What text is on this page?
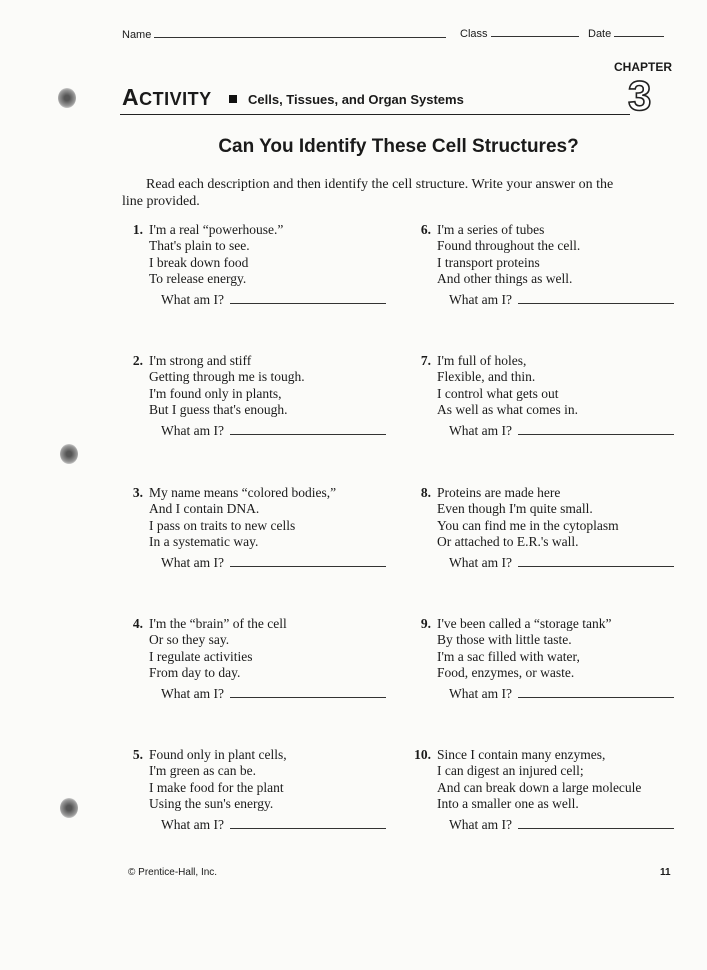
Name	Class	Date
CHAPTER
3
ACTIVITY	Cells, Tissues, and Organ Systems
Can You Identify These Cell Structures?
Read each description and then identify the cell structure. Write your answer on the
line provided.
1. I'm a real “powerhouse.”
That's plain to see.
I break down food
To release energy.
What am I?
2. I'm strong and stiff
Getting through me is tough.
I'm found only in plants,
But I guess that's enough.
What am I?
3. My name means “colored bodies,”
And I contain DNA.
I pass on traits to new cells
In a systematic way.
What am I?
4. I'm the “brain” of the cell
Or so they say.
I regulate activities
From day to day.
What am I?
5. Found only in plant cells,
I'm green as can be.
I make food for the plant
Using the sun's energy.
What am I?
6. I'm a series of tubes
Found throughout the cell.
I transport proteins
And other things as well.
What am I?
7. I'm full of holes,
Flexible, and thin.
I control what gets out
As well as what comes in.
What am I?
8. Proteins are made here
Even though I'm quite small.
You can find me in the cytoplasm
Or attached to E.R.'s wall.
What am I?
9. I've been called a “storage tank”
By those with little taste.
I'm a sac filled with water,
Food, enzymes, or waste.
What am I?
10. Since I contain many enzymes,
I can digest an injured cell;
And can break down a large molecule
Into a smaller one as well.
What am I?
© Prentice-Hall, Inc.	11
